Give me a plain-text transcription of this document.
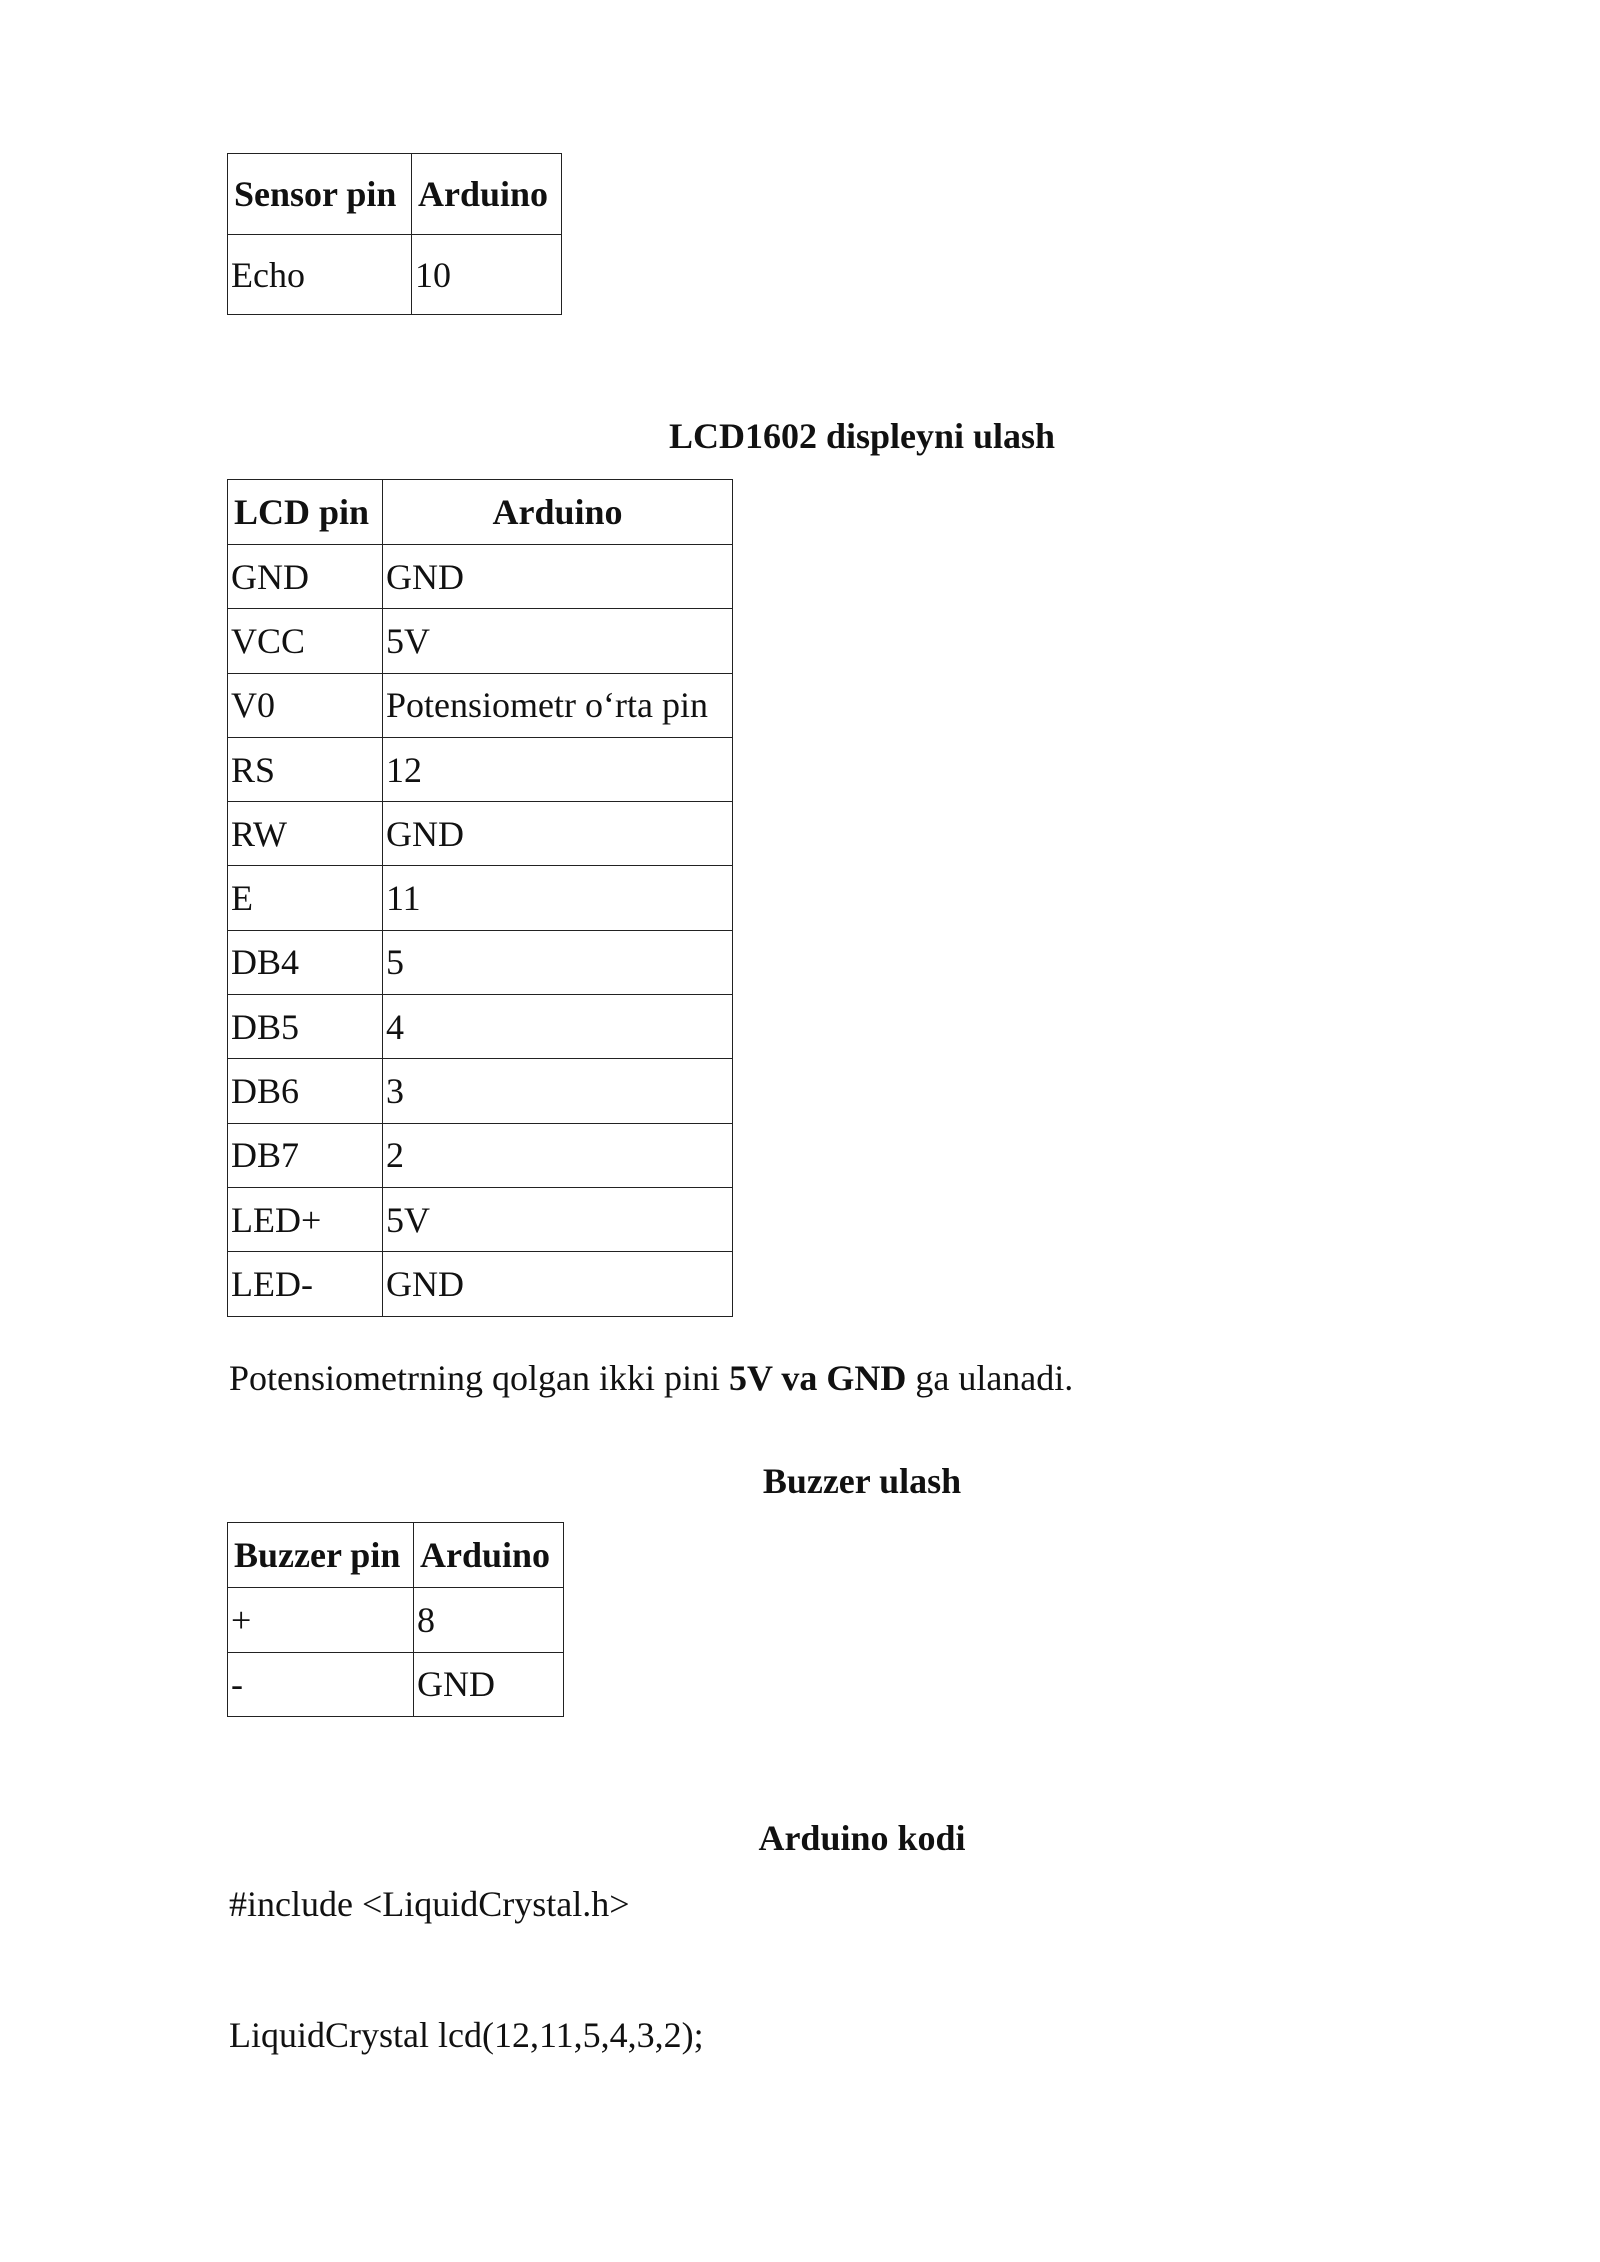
Sensor pin	Arduino
Echo	10
LCD1602 displeyni ulash
LCD pin	Arduino
GND	GND
VCC	5V
V0	Potensiometr o‘rta pin
RS	12
RW	GND
E	11
DB4	5
DB5	4
DB6	3
DB7	2
LED+	5V
LED-	GND

Potensiometrning qolgan ikki pini 5V va GND ga ulanadi.

Buzzer ulash
Buzzer pin	Arduino
+	8
-	GND
Arduino kodi

#include <LiquidCrystal.h>

LiquidCrystal lcd(12,11,5,4,3,2);
